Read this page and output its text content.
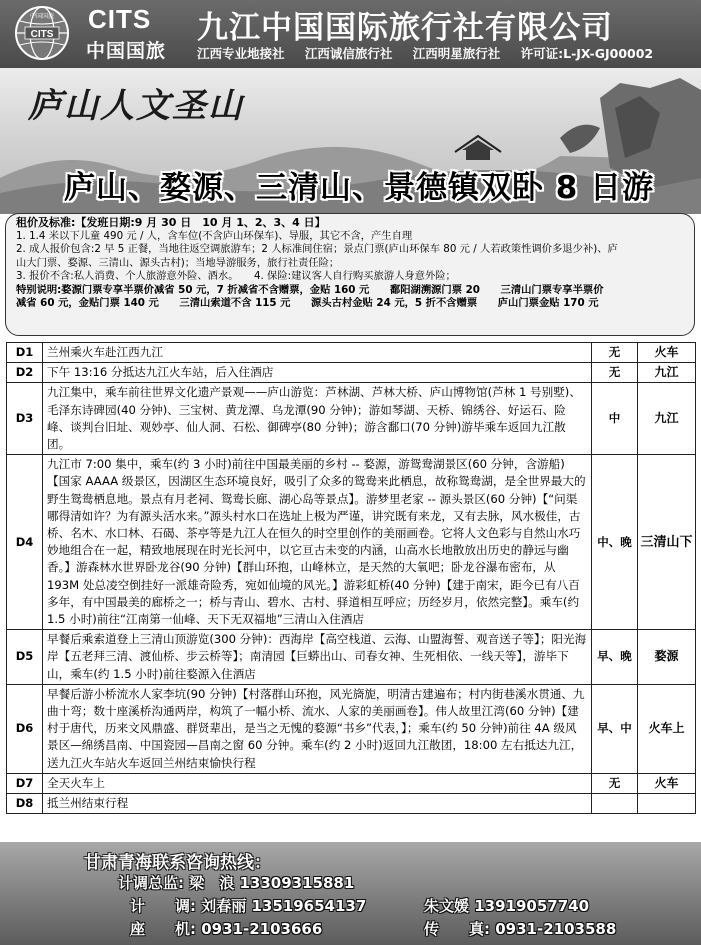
CITS
中国国旅 CITS
中国国旅
九江中国国际旅行社有限公司
江西专业地接社 江西诚信旅行社 江西明星旅行社 许可证:L-JX-GJ00002
庐山人文圣山
庐山、婺源、三清山、景德镇双卧 8 日游

租价及标准:【发班日期:9 月 30 日　10 月 1、2、3、4 日】

1. 1.4 米以下儿童 490 元 / 人，含车位(不含庐山环保车)、导服，其它不含，产生自理

2. 成人报价包含:2 早 5 正餐，当地往返空调旅游车；2 人标准间住宿；景点门票(庐山环保车 80 元 / 人若政策性调价多退少补)、庐

山大门票、婺源、三清山、源头古村)；当地导游服务，旅行社责任险；

3. 报价不含:私人消费、个人旅游意外险、酒水。　　4. 保险:建议客人自行购买旅游人身意外险；

特别说明:婺源门票专享半票价减省 50 元，7 折减省不含赠票，金贴 160 元　　鄱阳湖溯源门票 20　　三清山门票专享半票价

减省 60 元，金贴门票 140 元　　三清山索道不含 115 元　　源头古村金贴 24 元，5 折不含赠票　　庐山门票金贴 170 元

D1	兰州乘火车赴江西九江	无	火车
D2	下午 13:16 分抵达九江火车站，后入住酒店	无	九江
D3	九江集中，乘车前往世界文化遗产景观——庐山游览：芦林湖、芦林大桥、庐山博物馆(芦林 1 号别墅)、毛泽东诗碑园(40 分钟)、三宝树、黄龙潭、乌龙潭(90 分钟)；游如琴湖、天桥、锦绣谷、好运石、险峰、谈判台旧址、观妙亭、仙人洞、石松、御碑亭(80 分钟)；游含鄱口(70 分钟)游毕乘车返回九江散团。	中	九江
D4	九江市 7:00 集中，乘车(约 3 小时)前往中国最美丽的乡村 -- 婺源，游鸳鸯湖景区(60 分钟，含游船)【国家 AAAA 级景区，因湖区生态环境良好，吸引了众多的鸳鸯来此栖息，故称鸳鸯湖，是全世界最大的野生鸳鸯栖息地。景点有月老祠、鸳鸯长廊、湖心岛等景点】。游梦里老家 -- 源头景区(60 分钟)【“问渠哪得清如许？为有源头活水来。”源头村水口在选址上极为严谨，讲究既有来龙，又有去脉，风水极佳，古桥、名木、水口林、石碣、茶亭等是九江人在恒久的时空里创作的美丽画卷。它将人文色彩与自然山水巧妙地组合在一起，精致地展现在时光长河中，以它亘古未变的内涵，山高水长地散放出历史的静远与幽香。】游森林水世界卧龙谷(90 分钟)【群山环抱，山峰林立，是天然的大氧吧；卧龙谷瀑布密布，从 193M 处总凌空倒挂好一派雄奇险秀，宛如仙境的风光。】游彩虹桥(40 分钟)【建于南宋，距今已有八百多年，有中国最美的廊桥之一；桥与青山、碧水、古村、驿道相互呼应；历经岁月，依然完整】。乘车(约 1.5 小时)前往“江南第一仙峰、天下无双福地”三清山入住酒店	中、晚	三清山下
D5	早餐后乘索道登上三清山顶游览(300 分钟)：西海岸【高空栈道、云海、山盟海誓、观音送子等】；阳光海岸【五老拜三清、渡仙桥、步云桥等】；南清园【巨蟒出山、司春女神、生死相依、一线天等】，游毕下山，乘车(约 1.5 小时)前往婺源入住酒店	早、晚	婺源
D6	早餐后游小桥流水人家李坑(90 分钟)【村落群山环抱，风光旖旎，明清古建遍布；村内街巷溪水贯通、九曲十弯；数十座溪桥沟通两岸，构筑了一幅小桥、流水、人家的美丽画卷】。伟人故里江湾(60 分钟)【建村于唐代，历来文风鼎盛、群贤辈出，是当之无愧的婺源“书乡”代表，】；乘车(约 50 分钟)前往 4A 级风景区—绵绣昌南、中国瓷园—昌南之窗 60 分钟。乘车(约 2 小时)返回九江散团，18:00 左右抵达九江，送九江火车站火车返回兰州结束愉快行程	早、中	火车上
D7	全天火车上	无	火车
D8	抵兰州结束行程		
甘肃青海联系咨询热线：
计调总监: 梁　浪 13309315881
计　　调: 刘春丽 13519654137	朱文媛 13919057740
座　　机: 0931-2103666	传　　真: 0931-2103588
